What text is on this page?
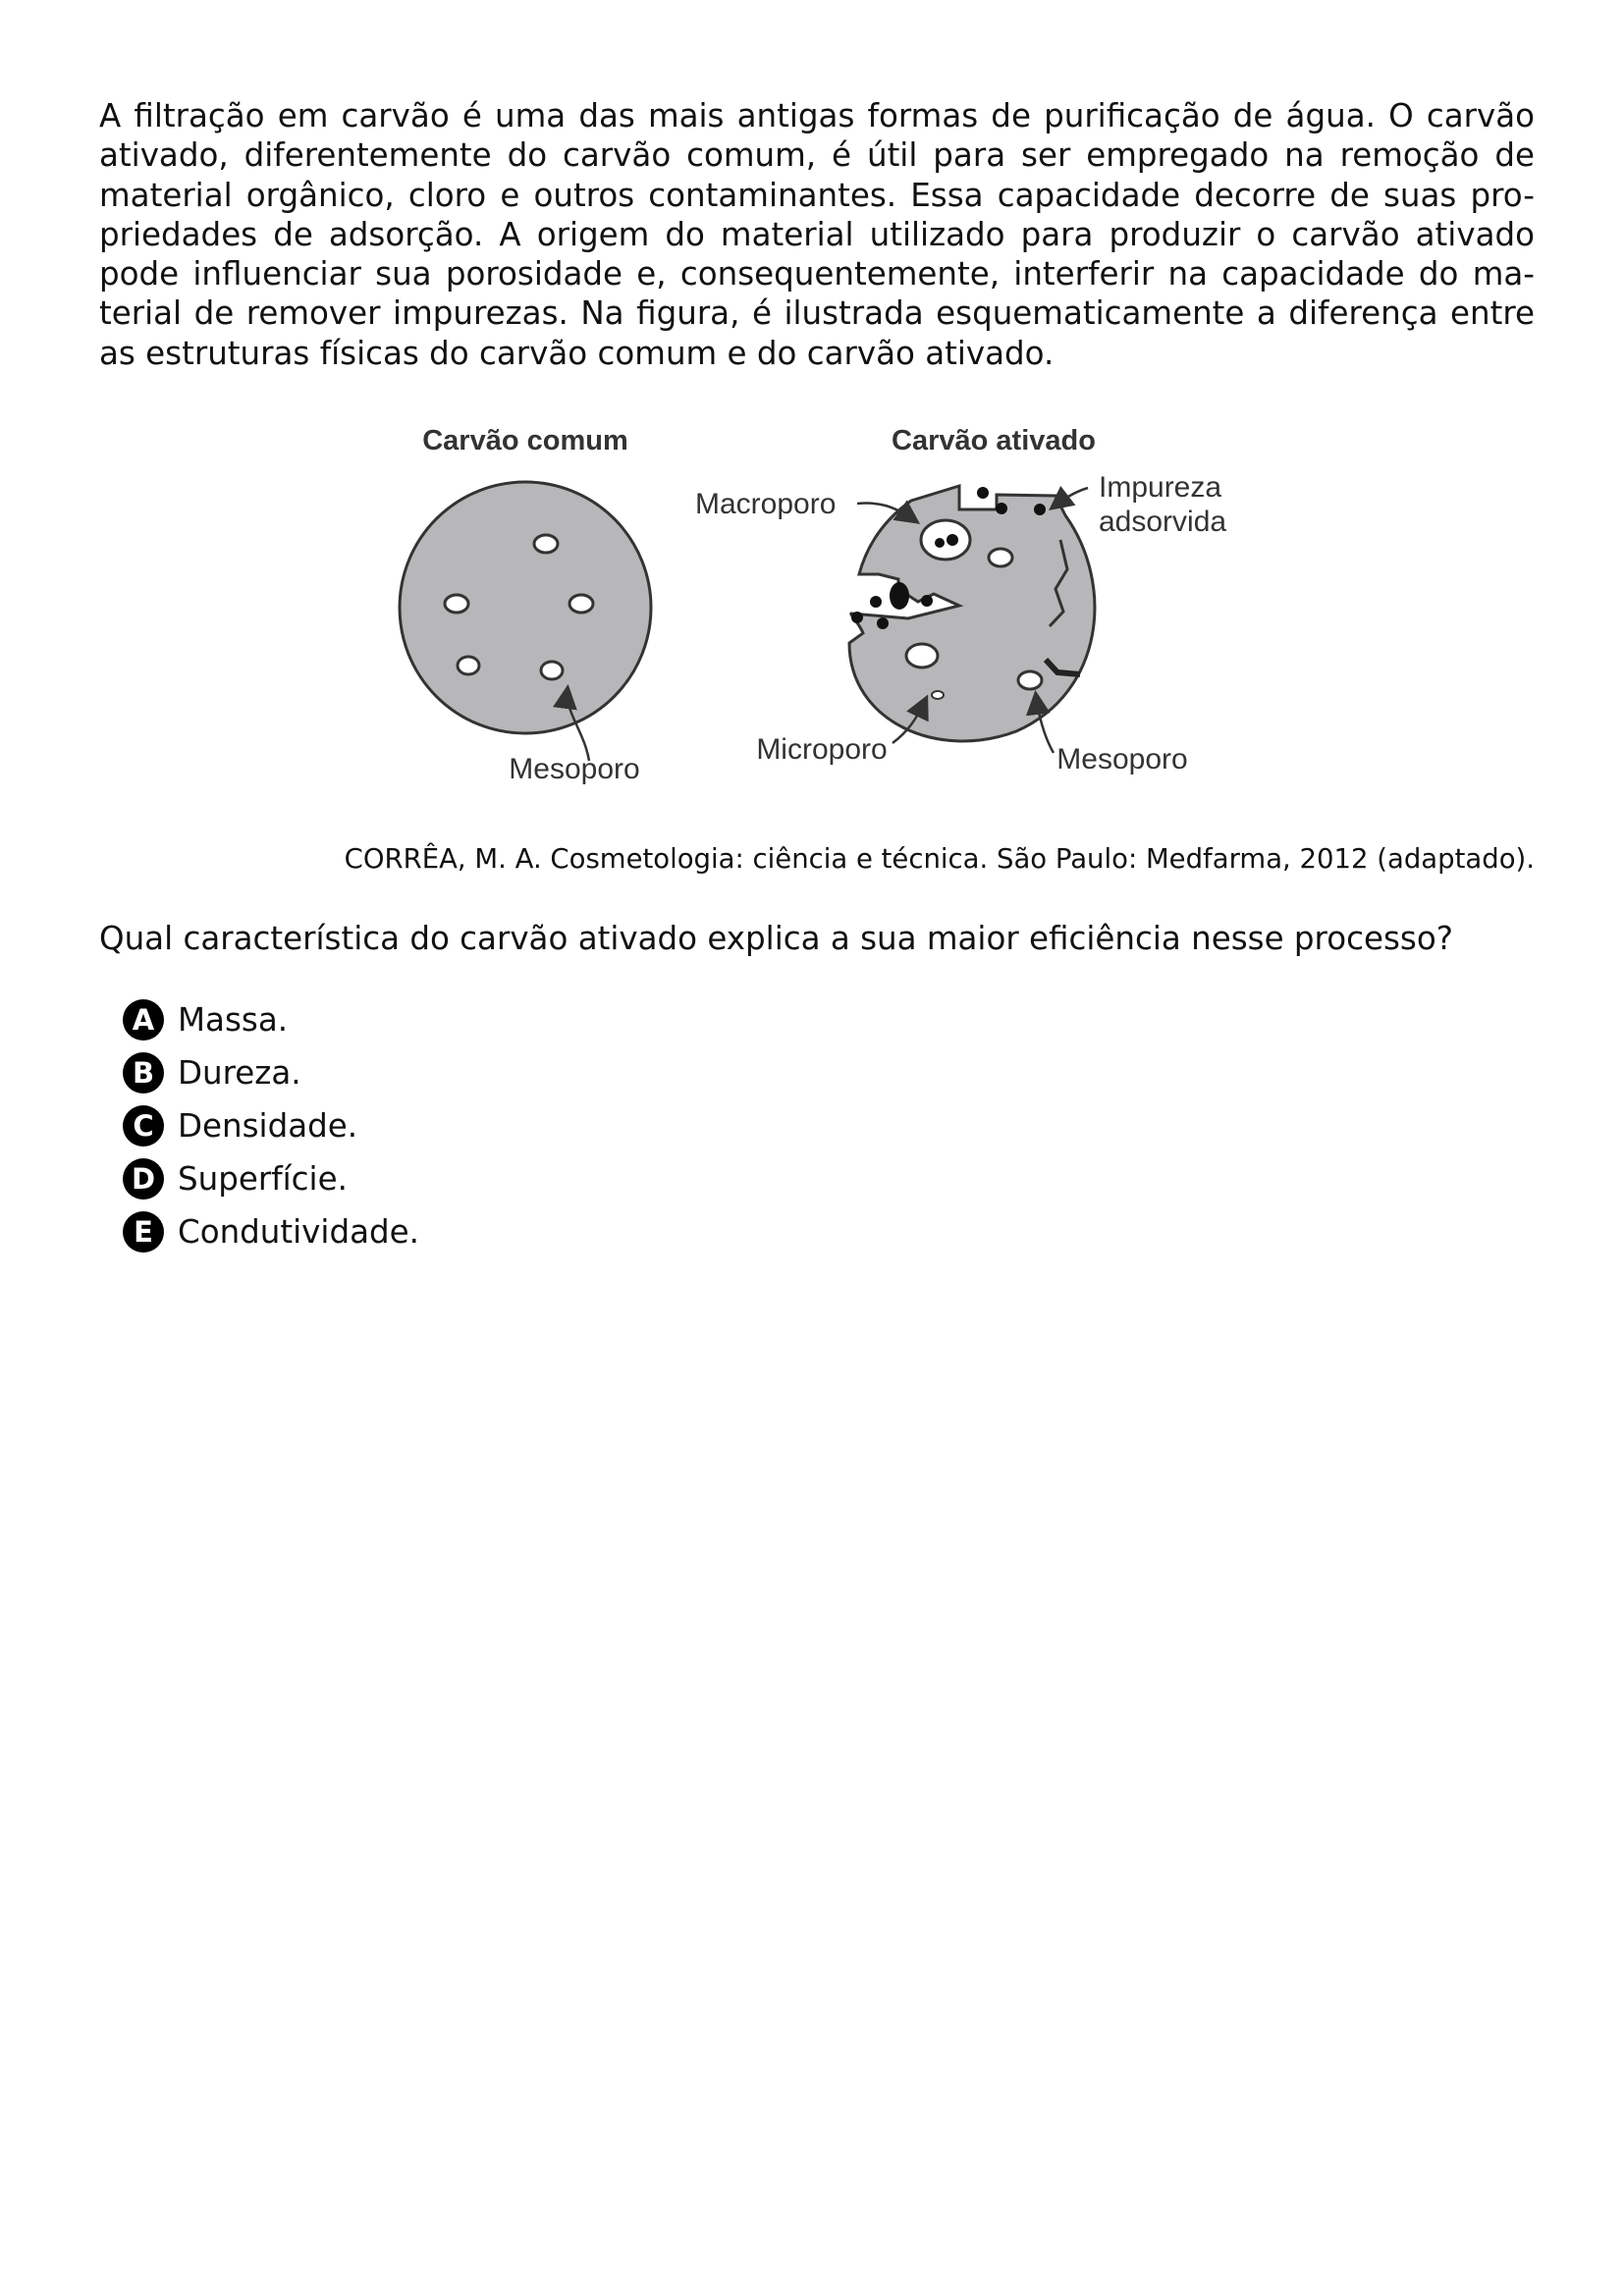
A filtração em carvão é uma das mais antigas formas de purificação de água. O carvão
ativado, diferentemente do carvão comum, é útil para ser empregado na remoção de
material orgânico, cloro e outros contaminantes. Essa capacidade decorre de suas pro-
priedades de adsorção. A origem do material utilizado para produzir o carvão ativado
pode influenciar sua porosidade e, consequentemente, interferir na capacidade do ma-
terial de remover impurezas. Na figura, é ilustrada esquematicamente a diferença entre
as estruturas físicas do carvão comum e do carvão ativado.

Carvão comum
Mesoporo
Carvão ativado
Macroporo
Impureza
adsorvida
Microporo	Mesoporo
CORRÊA, M. A. Cosmetologia: ciência e técnica. São Paulo: Medfarma, 2012 (adaptado).
Qual característica do carvão ativado explica a sua maior eficiência nesse processo?
A Massa.
B Dureza.
C Densidade.
D Superfície.
E Condutividade.
